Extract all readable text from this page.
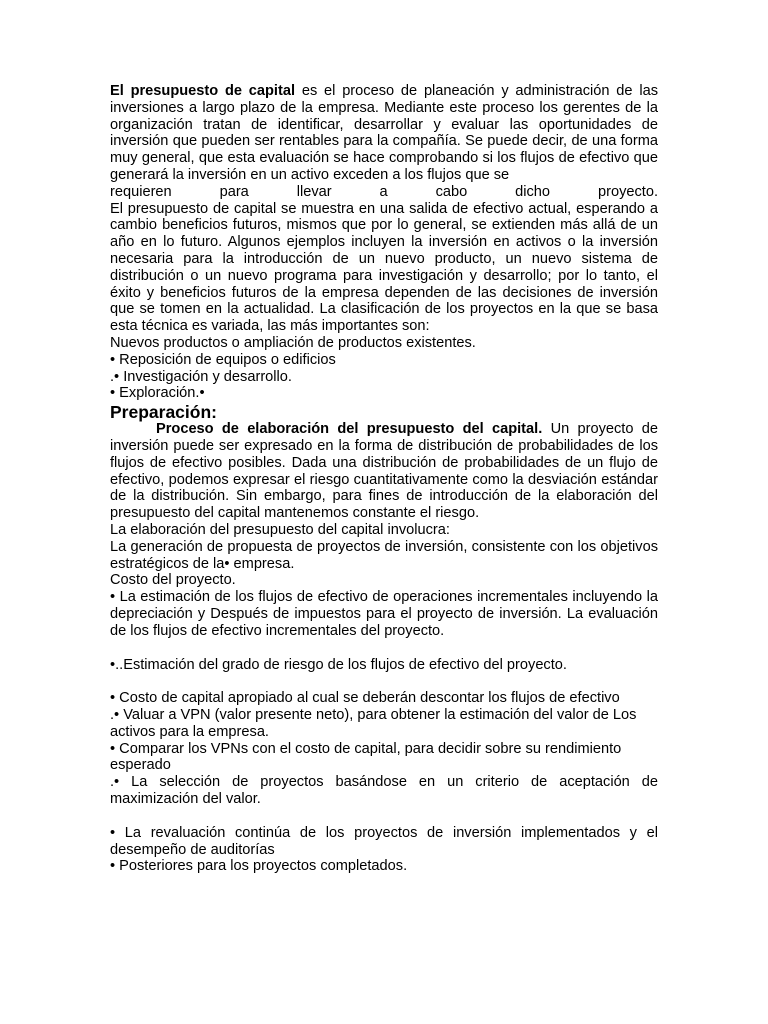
El presupuesto de capital es el proceso de planeación y administración de las inversiones a largo plazo de la empresa. Mediante este proceso los gerentes de la organización tratan de identificar, desarrollar y evaluar las oportunidades de inversión que pueden ser rentables para la compañía. Se puede decir, de una forma muy general, que esta evaluación se hace comprobando si los flujos de efectivo que generará la inversión en un activo exceden a los flujos que se

requieren para llevar a cabo dicho proyecto.

El presupuesto de capital se muestra en una salida de efectivo actual, esperando a cambio beneficios futuros, mismos que por lo general, se extienden más allá de un año en lo futuro. Algunos ejemplos incluyen la inversión en activos o la inversión necesaria para la introducción de un nuevo producto, un nuevo sistema de distribución o un nuevo programa para investigación y desarrollo; por lo tanto, el éxito y beneficios futuros de la empresa dependen de las decisiones de inversión que se tomen en la actualidad. La clasificación de los proyectos en la que se basa esta técnica es variada, las más importantes son:

Nuevos productos o ampliación de productos existentes.

• Reposición de equipos o edificios

.• Investigación y desarrollo.

• Exploración.•

Preparación:

Proceso de elaboración del presupuesto del capital. Un proyecto de inversión puede ser expresado en la forma de distribución de probabilidades de los flujos de efectivo posibles. Dada una distribución de probabilidades de un flujo de efectivo, podemos expresar el riesgo cuantitativamente como la desviación estándar de la distribución. Sin embargo, para fines de introducción de la elaboración del presupuesto del capital mantenemos constante el riesgo.

La elaboración del presupuesto del capital involucra:

La generación de propuesta de proyectos de inversión, consistente con los objetivos estratégicos de la• empresa.

Costo del proyecto.

• La estimación de los flujos de efectivo de operaciones incrementales incluyendo la depreciación y Después de impuestos para el proyecto de inversión. La evaluación de los flujos de efectivo incrementales del proyecto.

•..Estimación del grado de riesgo de los flujos de efectivo del proyecto.

• Costo de capital apropiado al cual se deberán descontar los flujos de efectivo

.• Valuar a VPN (valor presente neto), para obtener la estimación del valor de Los activos para la empresa.

• Comparar los VPNs con el costo de capital, para decidir sobre su rendimiento esperado

.• La selección de proyectos basándose en un criterio de aceptación de maximización del valor.

• La revaluación continúa de los proyectos de inversión implementados y el desempeño de auditorías

• Posteriores para los proyectos completados.
